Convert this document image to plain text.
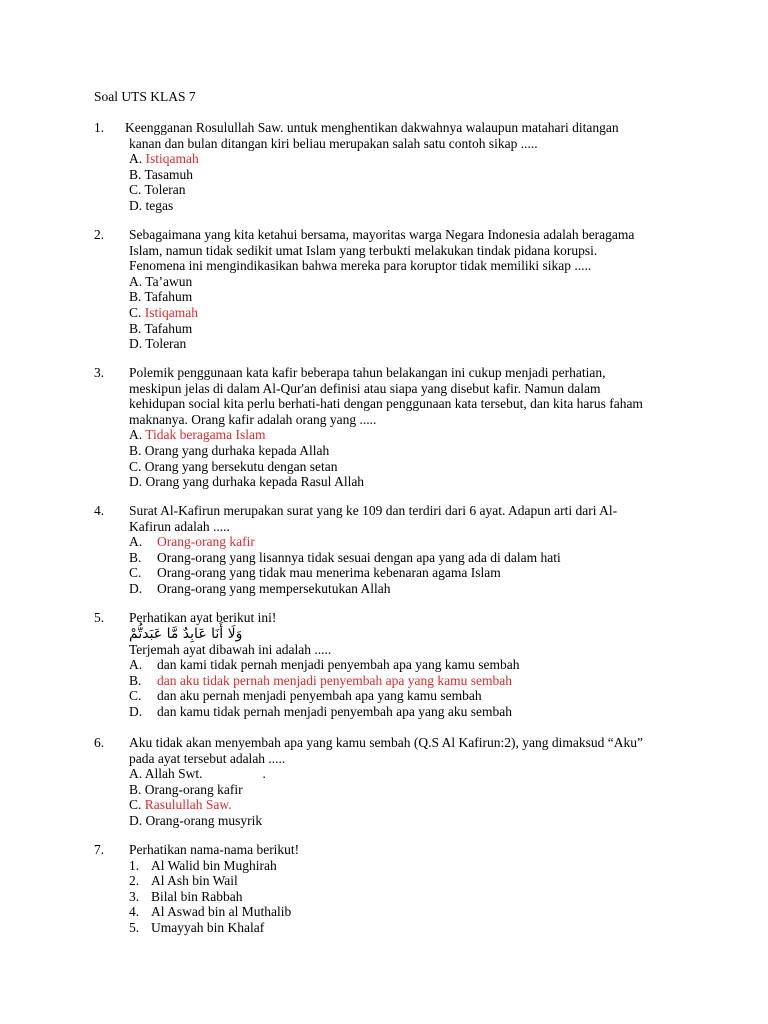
Soal UTS KLAS 7
1. Keengganan Rosulullah Saw. untuk menghentikan dakwahnya walaupun matahari ditangan
kanan dan bulan ditangan kiri beliau merupakan salah satu contoh sikap .....
A. Istiqamah
B. Tasamuh
C. Toleran
D. tegas
2. Sebagaimana yang kita ketahui bersama, mayoritas warga Negara Indonesia adalah beragama
Islam, namun tidak sedikit umat Islam yang terbukti melakukan tindak pidana korupsi.
Fenomena ini mengindikasikan bahwa mereka para koruptor tidak memiliki sikap .....
A. Ta’awun
B. Tafahum
C. Istiqamah
B. Tafahum
D. Toleran
3. Polemik penggunaan kata kafir beberapa tahun belakangan ini cukup menjadi perhatian,
meskipun jelas di dalam Al-Qur'an definisi atau siapa yang disebut kafir. Namun dalam
kehidupan social kita perlu berhati-hati dengan penggunaan kata tersebut, dan kita harus faham
maknanya. Orang kafir adalah orang yang .....
A. Tidak beragama Islam
B. Orang yang durhaka kepada Allah
C. Orang yang bersekutu dengan setan
D. Orang yang durhaka kepada Rasul Allah
4. Surat Al-Kafirun merupakan surat yang ke 109 dan terdiri dari 6 ayat. Adapun arti dari Al-
Kafirun adalah .....
A.	Orang-orang kafir
B.	Orang-orang yang lisannya tidak sesuai dengan apa yang ada di dalam hati
C.	Orang-orang yang tidak mau menerima kebenaran agama Islam
D.	Orang-orang yang mempersekutukan Allah
5. Perhatikan ayat berikut ini!
وَلَا أَنَا عَابِدٌ مَّا عَبَدتُّمْ
Terjemah ayat dibawah ini adalah .....
A.	dan kami tidak pernah menjadi penyembah apa yang kamu sembah
B.	dan aku tidak pernah menjadi penyembah apa yang kamu sembah
C.	dan aku pernah menjadi penyembah apa yang kamu sembah
D.	dan kamu tidak pernah menjadi penyembah apa yang aku sembah
6. Aku tidak akan menyembah apa yang kamu sembah (Q.S Al Kafirun:2), yang dimaksud “Aku”
pada ayat tersebut adalah .....
A. Allah Swt.	.
B. Orang-orang kafir
C. Rasulullah Saw.
D. Orang-orang musyrik
7. Perhatikan nama-nama berikut!
1. Al Walid bin Mughirah
2. Al Ash bin Wail
3. Bilal bin Rabbah
4. Al Aswad bin al Muthalib
5. Umayyah bin Khalaf
